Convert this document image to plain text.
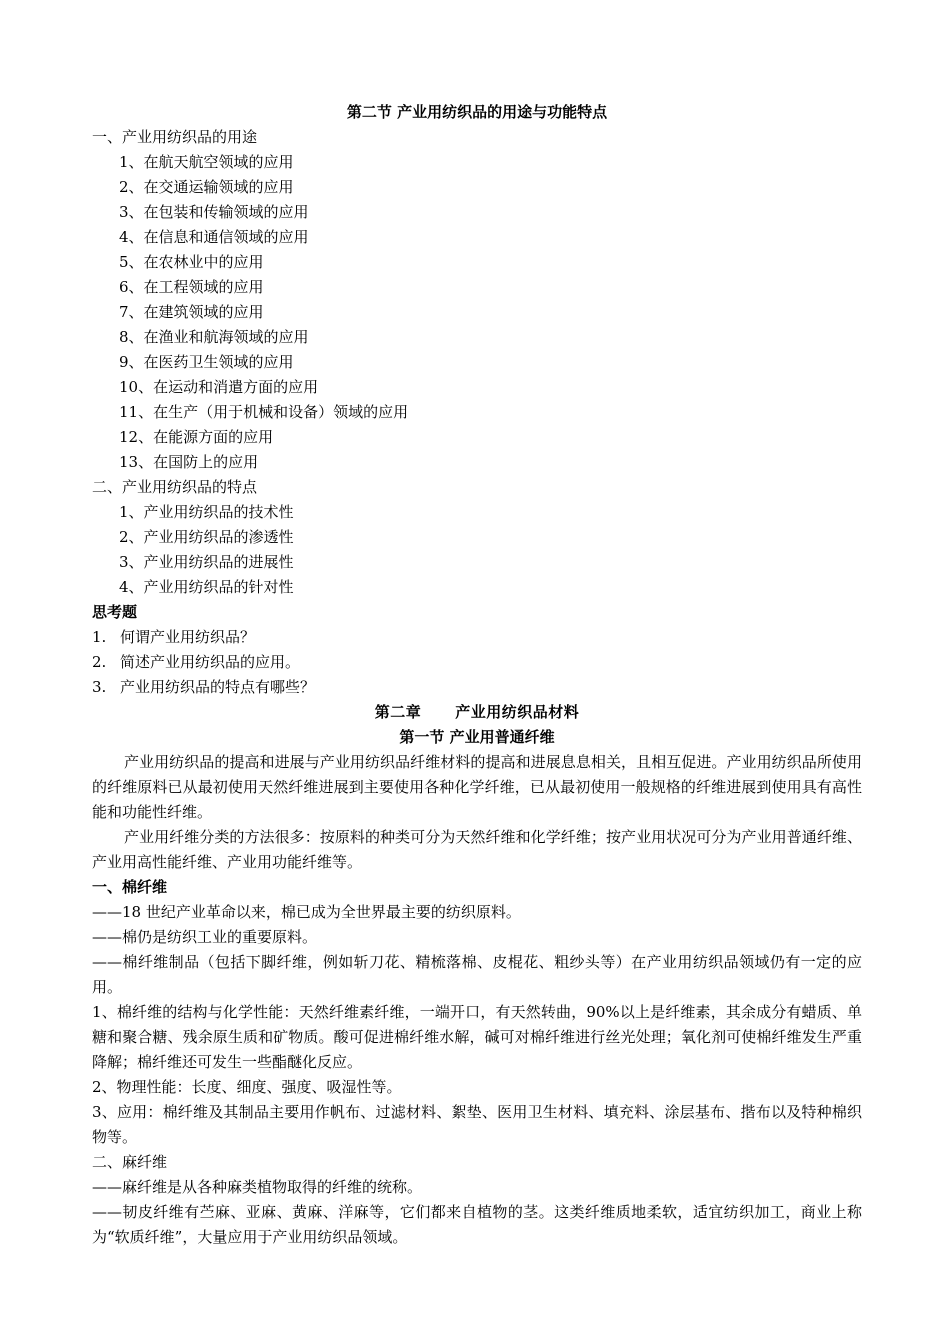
第二节 产业用纺织品的用途与功能特点
一、产业用纺织品的用途
1、在航天航空领域的应用
2、在交通运输领域的应用
3、在包装和传输领域的应用
4、在信息和通信领域的应用
5、在农林业中的应用
6、在工程领域的应用
7、在建筑领域的应用
8、在渔业和航海领域的应用
9、在医药卫生领域的应用
10、在运动和消遣方面的应用
11、在生产（用于机械和设备）领域的应用
12、在能源方面的应用
13、在国防上的应用
二、产业用纺织品的特点
1、产业用纺织品的技术性
2、产业用纺织品的渗透性
3、产业用纺织品的进展性
4、产业用纺织品的针对性
思考题
1. 何谓产业用纺织品？
2. 简述产业用纺织品的应用。
3. 产业用纺织品的特点有哪些？
第二章 产业用纺织品材料
第一节 产业用普通纤维
产业用纺织品的提高和进展与产业用纺织品纤维材料的提高和进展息息相关，且相互促进。产业用纺织品所使用的纤维原料已从最初使用天然纤维进展到主要使用各种化学纤维，已从最初使用一般规格的纤维进展到使用具有高性能和功能性纤维。
产业用纤维分类的方法很多：按原料的种类可分为天然纤维和化学纤维；按产业用状况可分为产业用普通纤维、产业用高性能纤维、产业用功能纤维等。
一、棉纤维
——18 世纪产业革命以来，棉已成为全世界最主要的纺织原料。
——棉仍是纺织工业的重要原料。
——棉纤维制品（包括下脚纤维，例如斩刀花、精梳落棉、皮棍花、粗纱头等）在产业用纺织品领域仍有一定的应用。
1、棉纤维的结构与化学性能：天然纤维素纤维，一端开口，有天然转曲，90%以上是纤维素，其余成分有蜡质、单糖和聚合糖、残余原生质和矿物质。酸可促进棉纤维水解，碱可对棉纤维进行丝光处理；氧化剂可使棉纤维发生严重降解；棉纤维还可发生一些酯醚化反应。
2、物理性能：长度、细度、强度、吸湿性等。
3、应用：棉纤维及其制品主要用作帆布、过滤材料、絮垫、医用卫生材料、填充料、涂层基布、揩布以及特种棉织物等。
二、麻纤维
——麻纤维是从各种麻类植物取得的纤维的统称。
——韧皮纤维有苎麻、亚麻、黄麻、洋麻等，它们都来自植物的茎。这类纤维质地柔软，适宜纺织加工，商业上称为“软质纤维”，大量应用于产业用纺织品领域。
